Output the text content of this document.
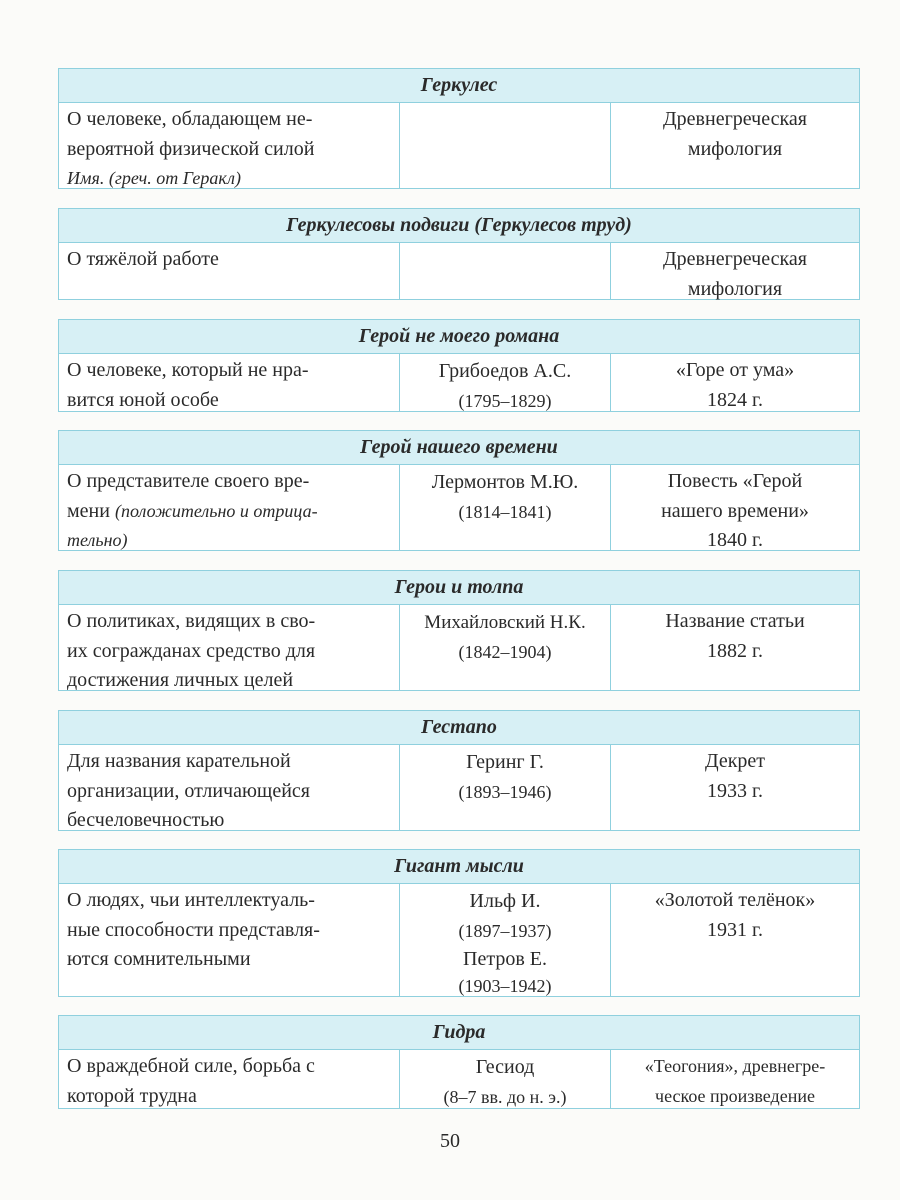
Геркулес
О человеке, обладающем не-
вероятной физической силой
Имя. (греч. от Геракл)
Древнегреческая
мифология
Геркулесовы подвиги (Геркулесов труд)
О тяжёлой работе	Древнегреческая
мифология
Герой не моего романа
О человеке, который не нра-
вится юной особе
Грибоедов А.С.
(1795–1829)
«Горе от ума»
1824 г.
Герой нашего времени
О представителе своего вре-
мени (положительно и отрица-
тельно)
Лермонтов М.Ю.
(1814–1841)
Повесть «Герой
нашего времени»
1840 г.
Герои и толпа
О политиках, видящих в сво-
их согражданах средство для
достижения личных целей
Михайловский Н.К.
(1842–1904)
Название статьи
1882 г.
Гестапо
Для названия карательной
организации, отличающейся
бесчеловечностью
Геринг Г.
(1893–1946)
Декрет
1933 г.
Гигант мысли
О людях, чьи интеллектуаль-
ные способности представля-
ются сомнительными
Ильф И.
(1897–1937)
Петров Е.
(1903–1942)
«Золотой телёнок»
1931 г.
Гидра
О враждебной силе, борьба с
которой трудна
Гесиод
(8–7 вв. до н. э.)
«Теогония», древнегре-
ческое произведение
50
